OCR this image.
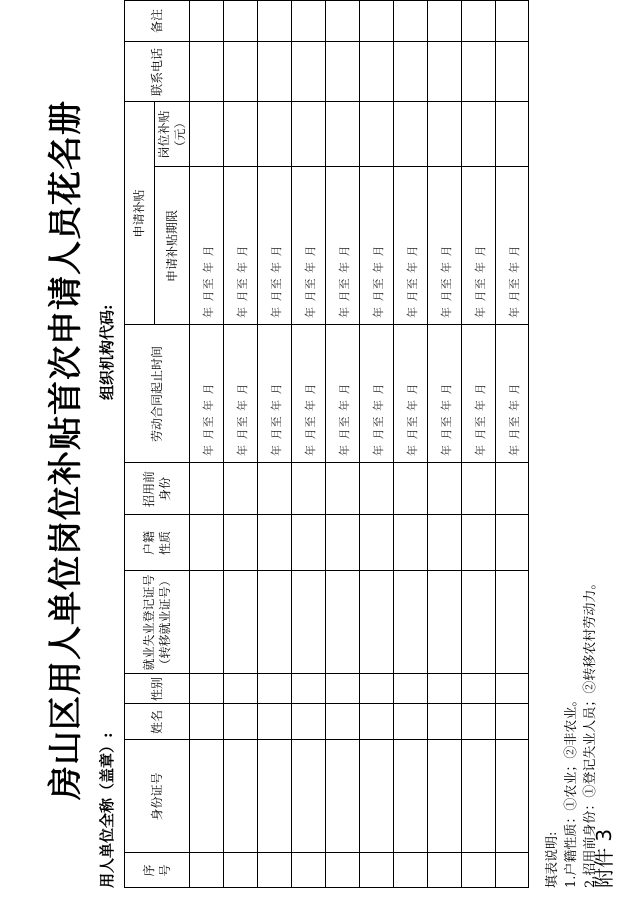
附件 3
房山区用人单位岗位补贴首次申请人员花名册
用人单位全称（盖章）:
组织机构代码:
序号
身份证号
姓名
性别
就业失业登记证号（转移就业证号）
户籍性质
招用前身份
劳动合同起止时间
申请补贴	申请补贴期限
岗位补贴（元）
联系电话
备注
年 月至 年 月
年 月至 年 月
年 月至 年 月
年 月至 年 月
年 月至 年 月
年 月至 年 月
年 月至 年 月
年 月至 年 月
年 月至 年 月
年 月至 年 月
年 月至 年 月
年 月至 年 月
年 月至 年 月
年 月至 年 月
年 月至 年 月
年 月至 年 月
年 月至 年 月
年 月至 年 月
年 月至 年 月
年 月至 年 月
填表说明: 1.户籍性质：①农业；②非农业。 2.招用前身份：①登记失业人员；②转移农村劳动力。
